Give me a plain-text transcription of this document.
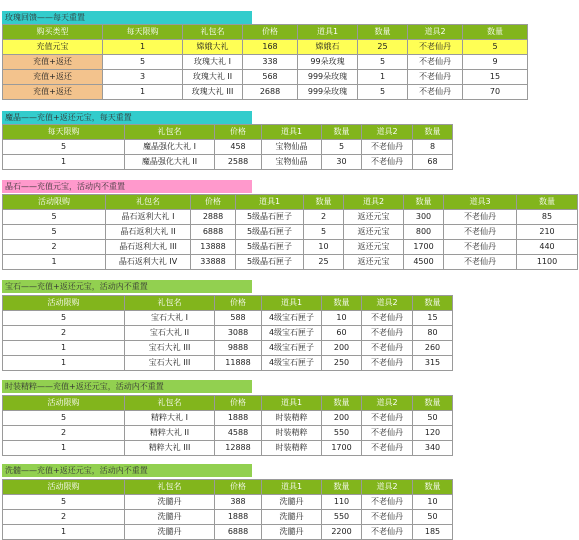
玫瑰回馈——每天重置
购买类型	每天限购	礼包名	价格	道具1	数量	道具2	数量
充值元宝	1	嫦娥大礼	168	嫦娥石	25	不老仙丹	5
充值+返还	5	玫瑰大礼 I	338	99朵玫瑰	5	不老仙丹	9
充值+返还	3	玫瑰大礼 II	568	999朵玫瑰	1	不老仙丹	15
充值+返还	1	玫瑰大礼 III	2688	999朵玫瑰	5	不老仙丹	70
魔晶——充值+返还元宝，每天重置
每天限购	礼包名	价格	道具1	数量	道具2	数量
5	魔晶强化大礼 I	458	宝物仙晶	5	不老仙丹	8
1	魔晶强化大礼 II	2588	宝物仙晶	30	不老仙丹	68
晶石——充值元宝，活动内不重置
活动限购	礼包名	价格	道具1	数量	道具2	数量	道具3	数量
5	晶石返利大礼 I	2888	5级晶石匣子	2	返还元宝	300	不老仙丹	85
5	晶石返利大礼 II	6888	5级晶石匣子	5	返还元宝	800	不老仙丹	210
2	晶石返利大礼 III	13888	5级晶石匣子	10	返还元宝	1700	不老仙丹	440
1	晶石返利大礼 IV	33888	5级晶石匣子	25	返还元宝	4500	不老仙丹	1100
宝石——充值+返还元宝，活动内不重置
活动限购	礼包名	价格	道具1	数量	道具2	数量
5	宝石大礼 I	588	4级宝石匣子	10	不老仙丹	15
2	宝石大礼 II	3088	4级宝石匣子	60	不老仙丹	80
1	宝石大礼 III	9888	4级宝石匣子	200	不老仙丹	260
1	宝石大礼 III	11888	4级宝石匣子	250	不老仙丹	315
时装精粹——充值+返还元宝，活动内不重置
活动限购	礼包名	价格	道具1	数量	道具2	数量
5	精粹大礼 I	1888	时装精粹	200	不老仙丹	50
2	精粹大礼 II	4588	时装精粹	550	不老仙丹	120
1	精粹大礼 III	12888	时装精粹	1700	不老仙丹	340
洗髓——充值+返还元宝，活动内不重置
活动限购	礼包名	价格	道具1	数量	道具2	数量
5	洗髓丹	388	洗髓丹	110	不老仙丹	10
2	洗髓丹	1888	洗髓丹	550	不老仙丹	50
1	洗髓丹	6888	洗髓丹	2200	不老仙丹	185
